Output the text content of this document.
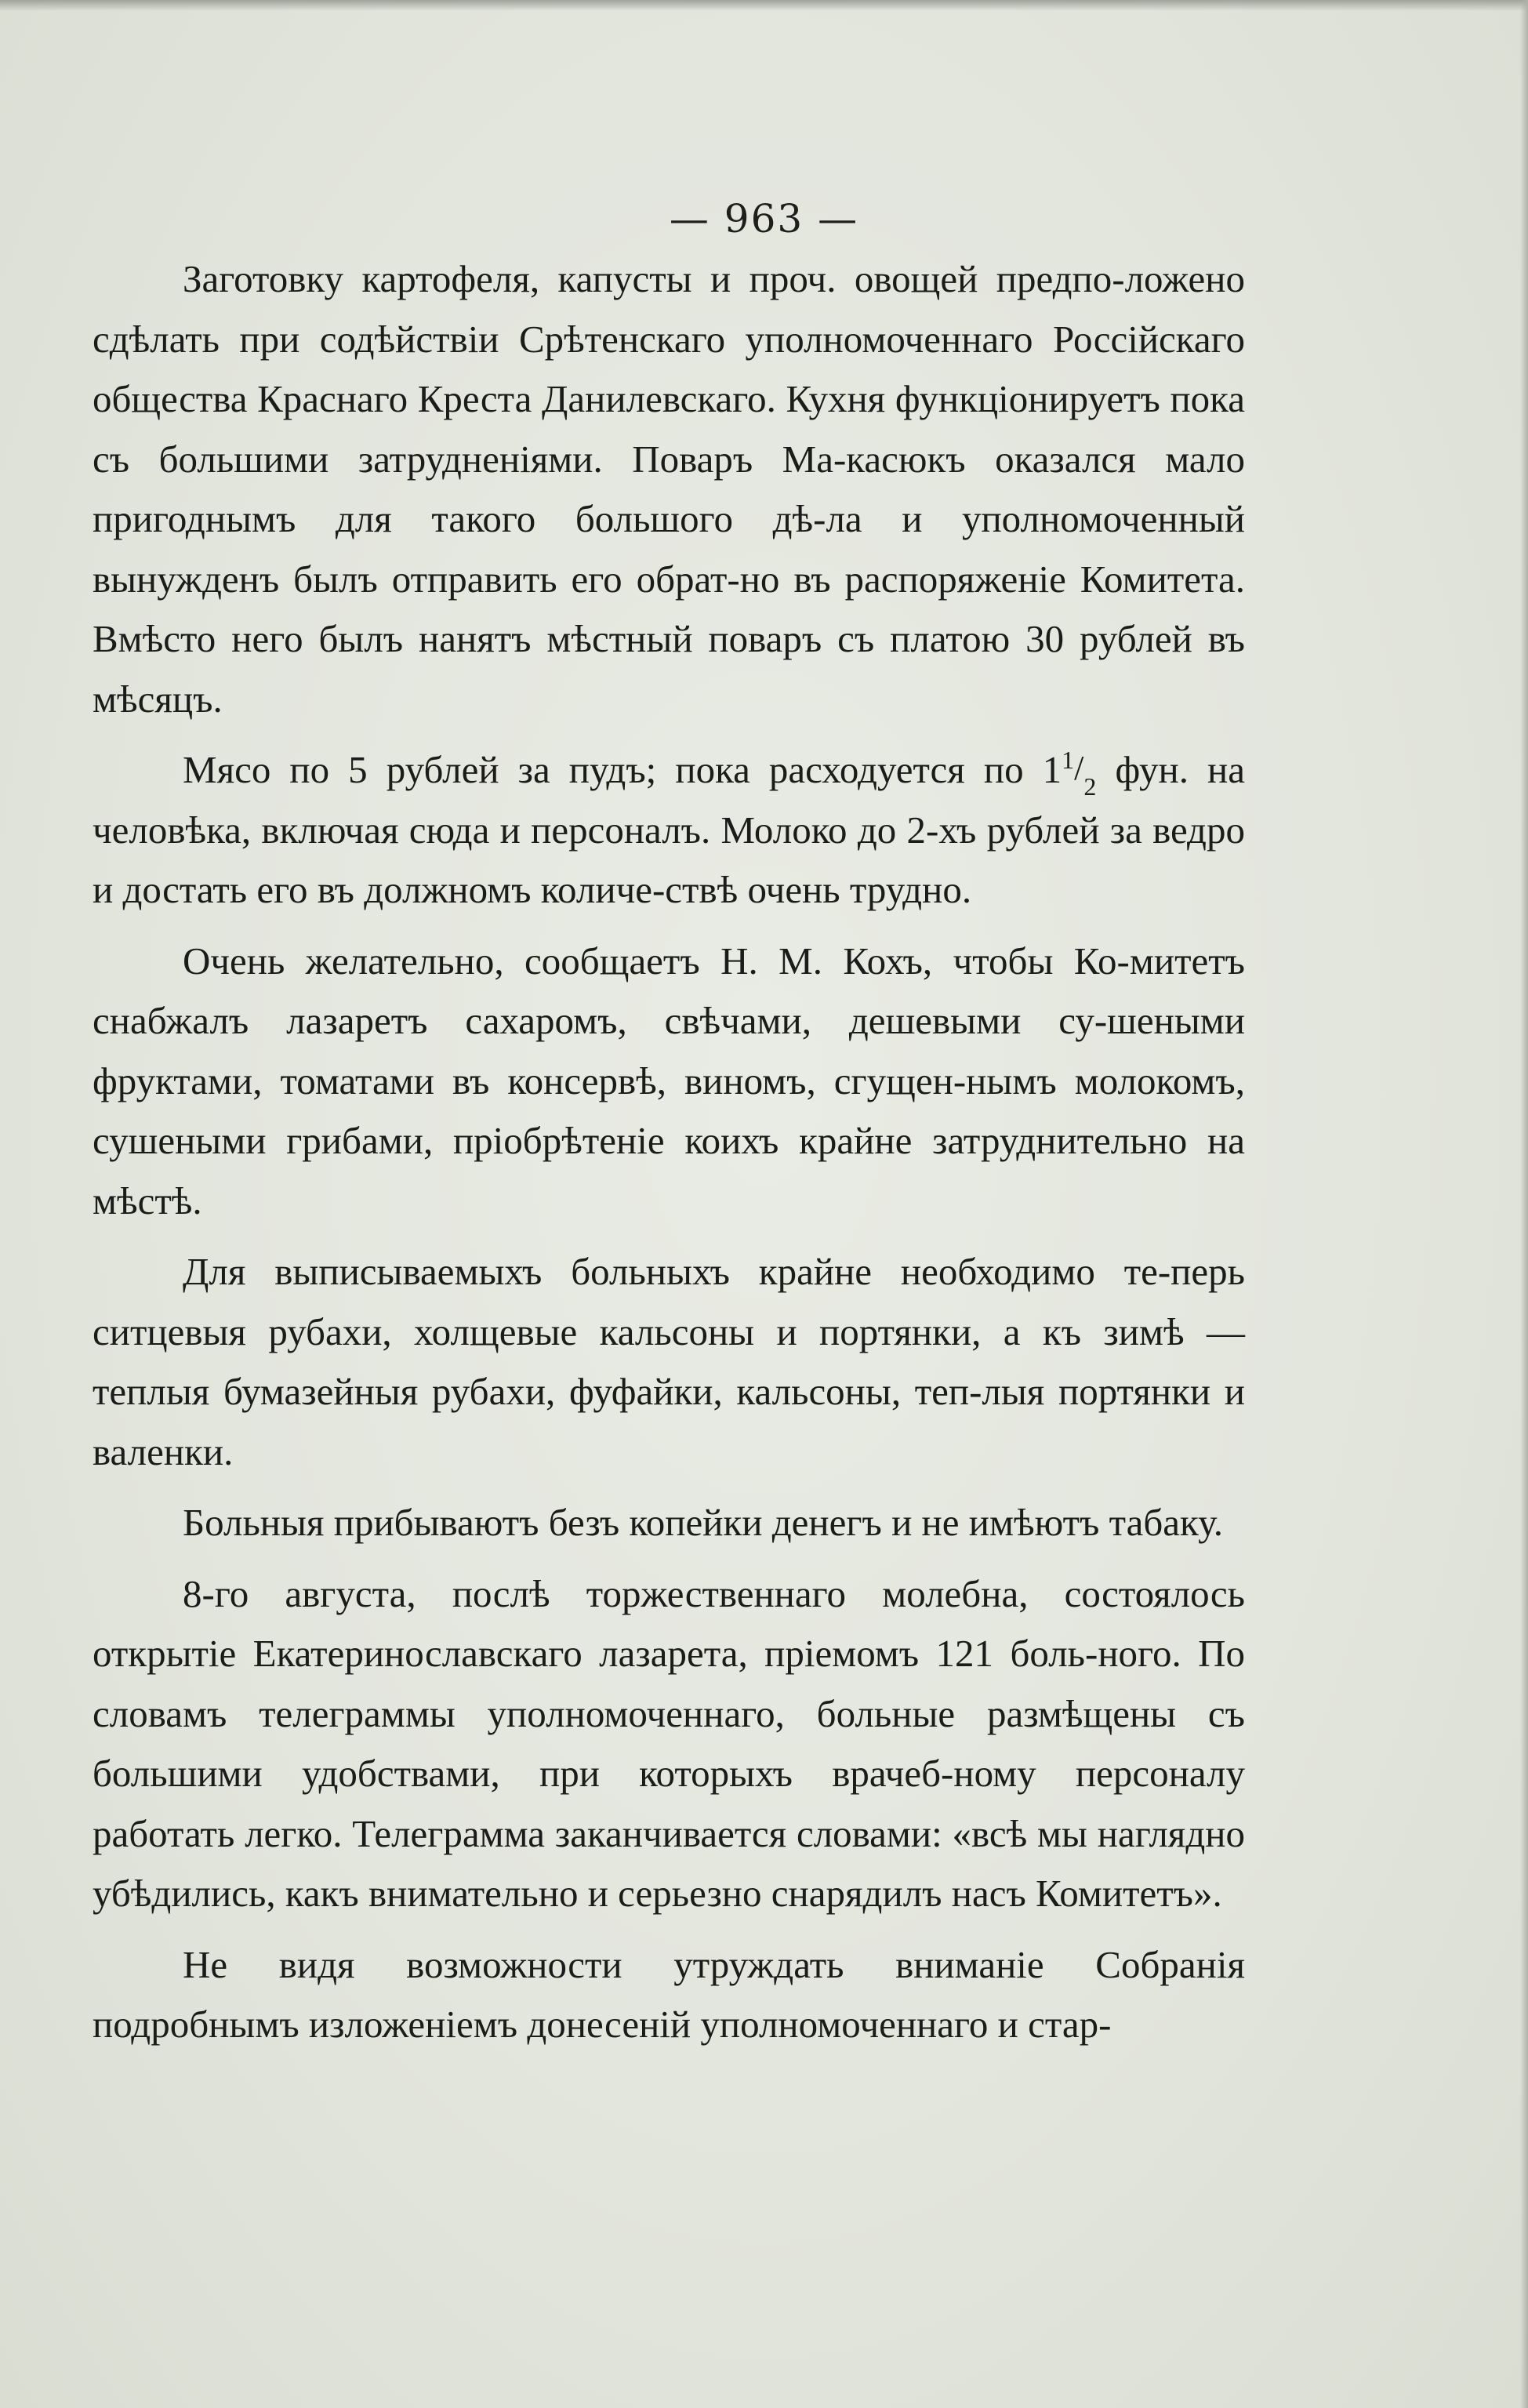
— 963 —

Заготовку картофеля, капусты и проч. овощей предпо-ложено сдѣлать при содѣйствіи Срѣтенскаго уполномоченнаго Россійскаго общества Краснаго Креста Данилевскаго. Кухня функціонируетъ пока съ большими затрудненіями. Поваръ Ма-касюкъ оказался мало пригоднымъ для такого большого дѣ-ла и уполномоченный вынужденъ былъ отправить его обрат-но въ распоряженіе Комитета. Вмѣсто него былъ нанятъ мѣстный поваръ съ платою 30 рублей въ мѣсяцъ.

Мясо по 5 рублей за пудъ; пока расходуется по $1^{1/2}$ фун. на человѣка, включая сюда и персоналъ. Молоко до 2-хъ рублей за ведро и достать его въ должномъ количе-ствѣ очень трудно.

Очень желательно, сообщаетъ Н. М. Кохъ, чтобы Ко-митетъ снабжалъ лазаретъ сахаромъ, свѣчами, дешевыми су-шеными фруктами, томатами въ консервѣ, виномъ, сгущен-нымъ молокомъ, сушеными грибами, пріобрѣтеніе коихъ крайне затруднительно на мѣстѣ.

Для выписываемыхъ больныхъ крайне необходимо те-перь ситцевыя рубахи, холщевые кальсоны и портянки, а къ зимѣ — теплыя бумазейныя рубахи, фуфайки, кальсоны, теп-лыя портянки и валенки.

Больныя прибываютъ безъ копейки денегъ и не имѣютъ табаку.

8-го августа, послѣ торжественнаго молебна, состоялось открытіе Екатеринославскаго лазарета, пріемомъ 121 боль-ного. По словамъ телеграммы уполномоченнаго, больные размѣщены съ большими удобствами, при которыхъ врачеб-ному персоналу работать легко. Телеграмма заканчивается словами: «всѣ мы наглядно убѣдились, какъ внимательно и серьезно снарядилъ насъ Комитетъ».

Не видя возможности утруждать вниманіе Собранія подробнымъ изложеніемъ донесеній уполномоченнаго и стар-
